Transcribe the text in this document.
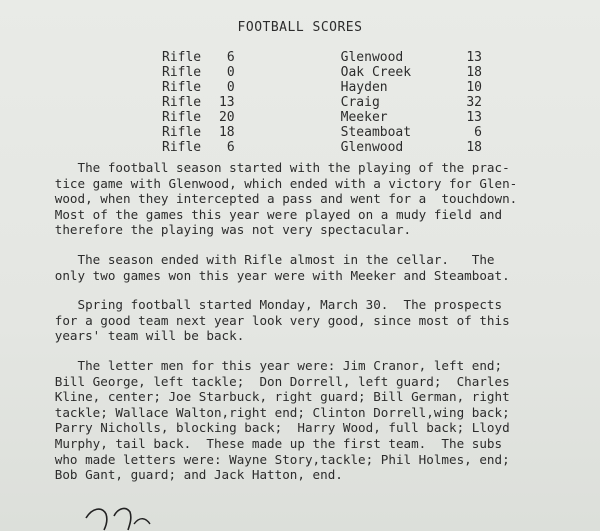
FOOTBALL SCORES
Rifle	6	Glenwood	13
Rifle	0	Oak Creek	18
Rifle	0	Hayden	10
Rifle	13	Craig	32
Rifle	20	Meeker	13
Rifle	18	Steamboat	6
Rifle	6	Glenwood	18

The football season started with the playing of the prac-
tice game with Glenwood, which ended with a victory for Glen-
wood, when they intercepted a pass and went for a  touchdown.
Most of the games this year were played on a mudy field and
therefore the playing was not very spectacular.

The season ended with Rifle almost in the cellar.   The
only two games won this year were with Meeker and Steamboat.

Spring football started Monday, March 30.  The prospects
for a good team next year look very good, since most of this
years' team will be back.

The letter men for this year were: Jim Cranor, left end;
Bill George, left tackle;  Don Dorrell, left guard;  Charles
Kline, center; Joe Starbuck, right guard; Bill German, right
tackle; Wallace Walton,right end; Clinton Dorrell,wing back;
Parry Nicholls, blocking back;  Harry Wood, full back; Lloyd
Murphy, tail back.  These made up the first team.  The subs
who made letters were: Wayne Story,tackle; Phil Holmes, end;
Bob Gant, guard; and Jack Hatton, end.
